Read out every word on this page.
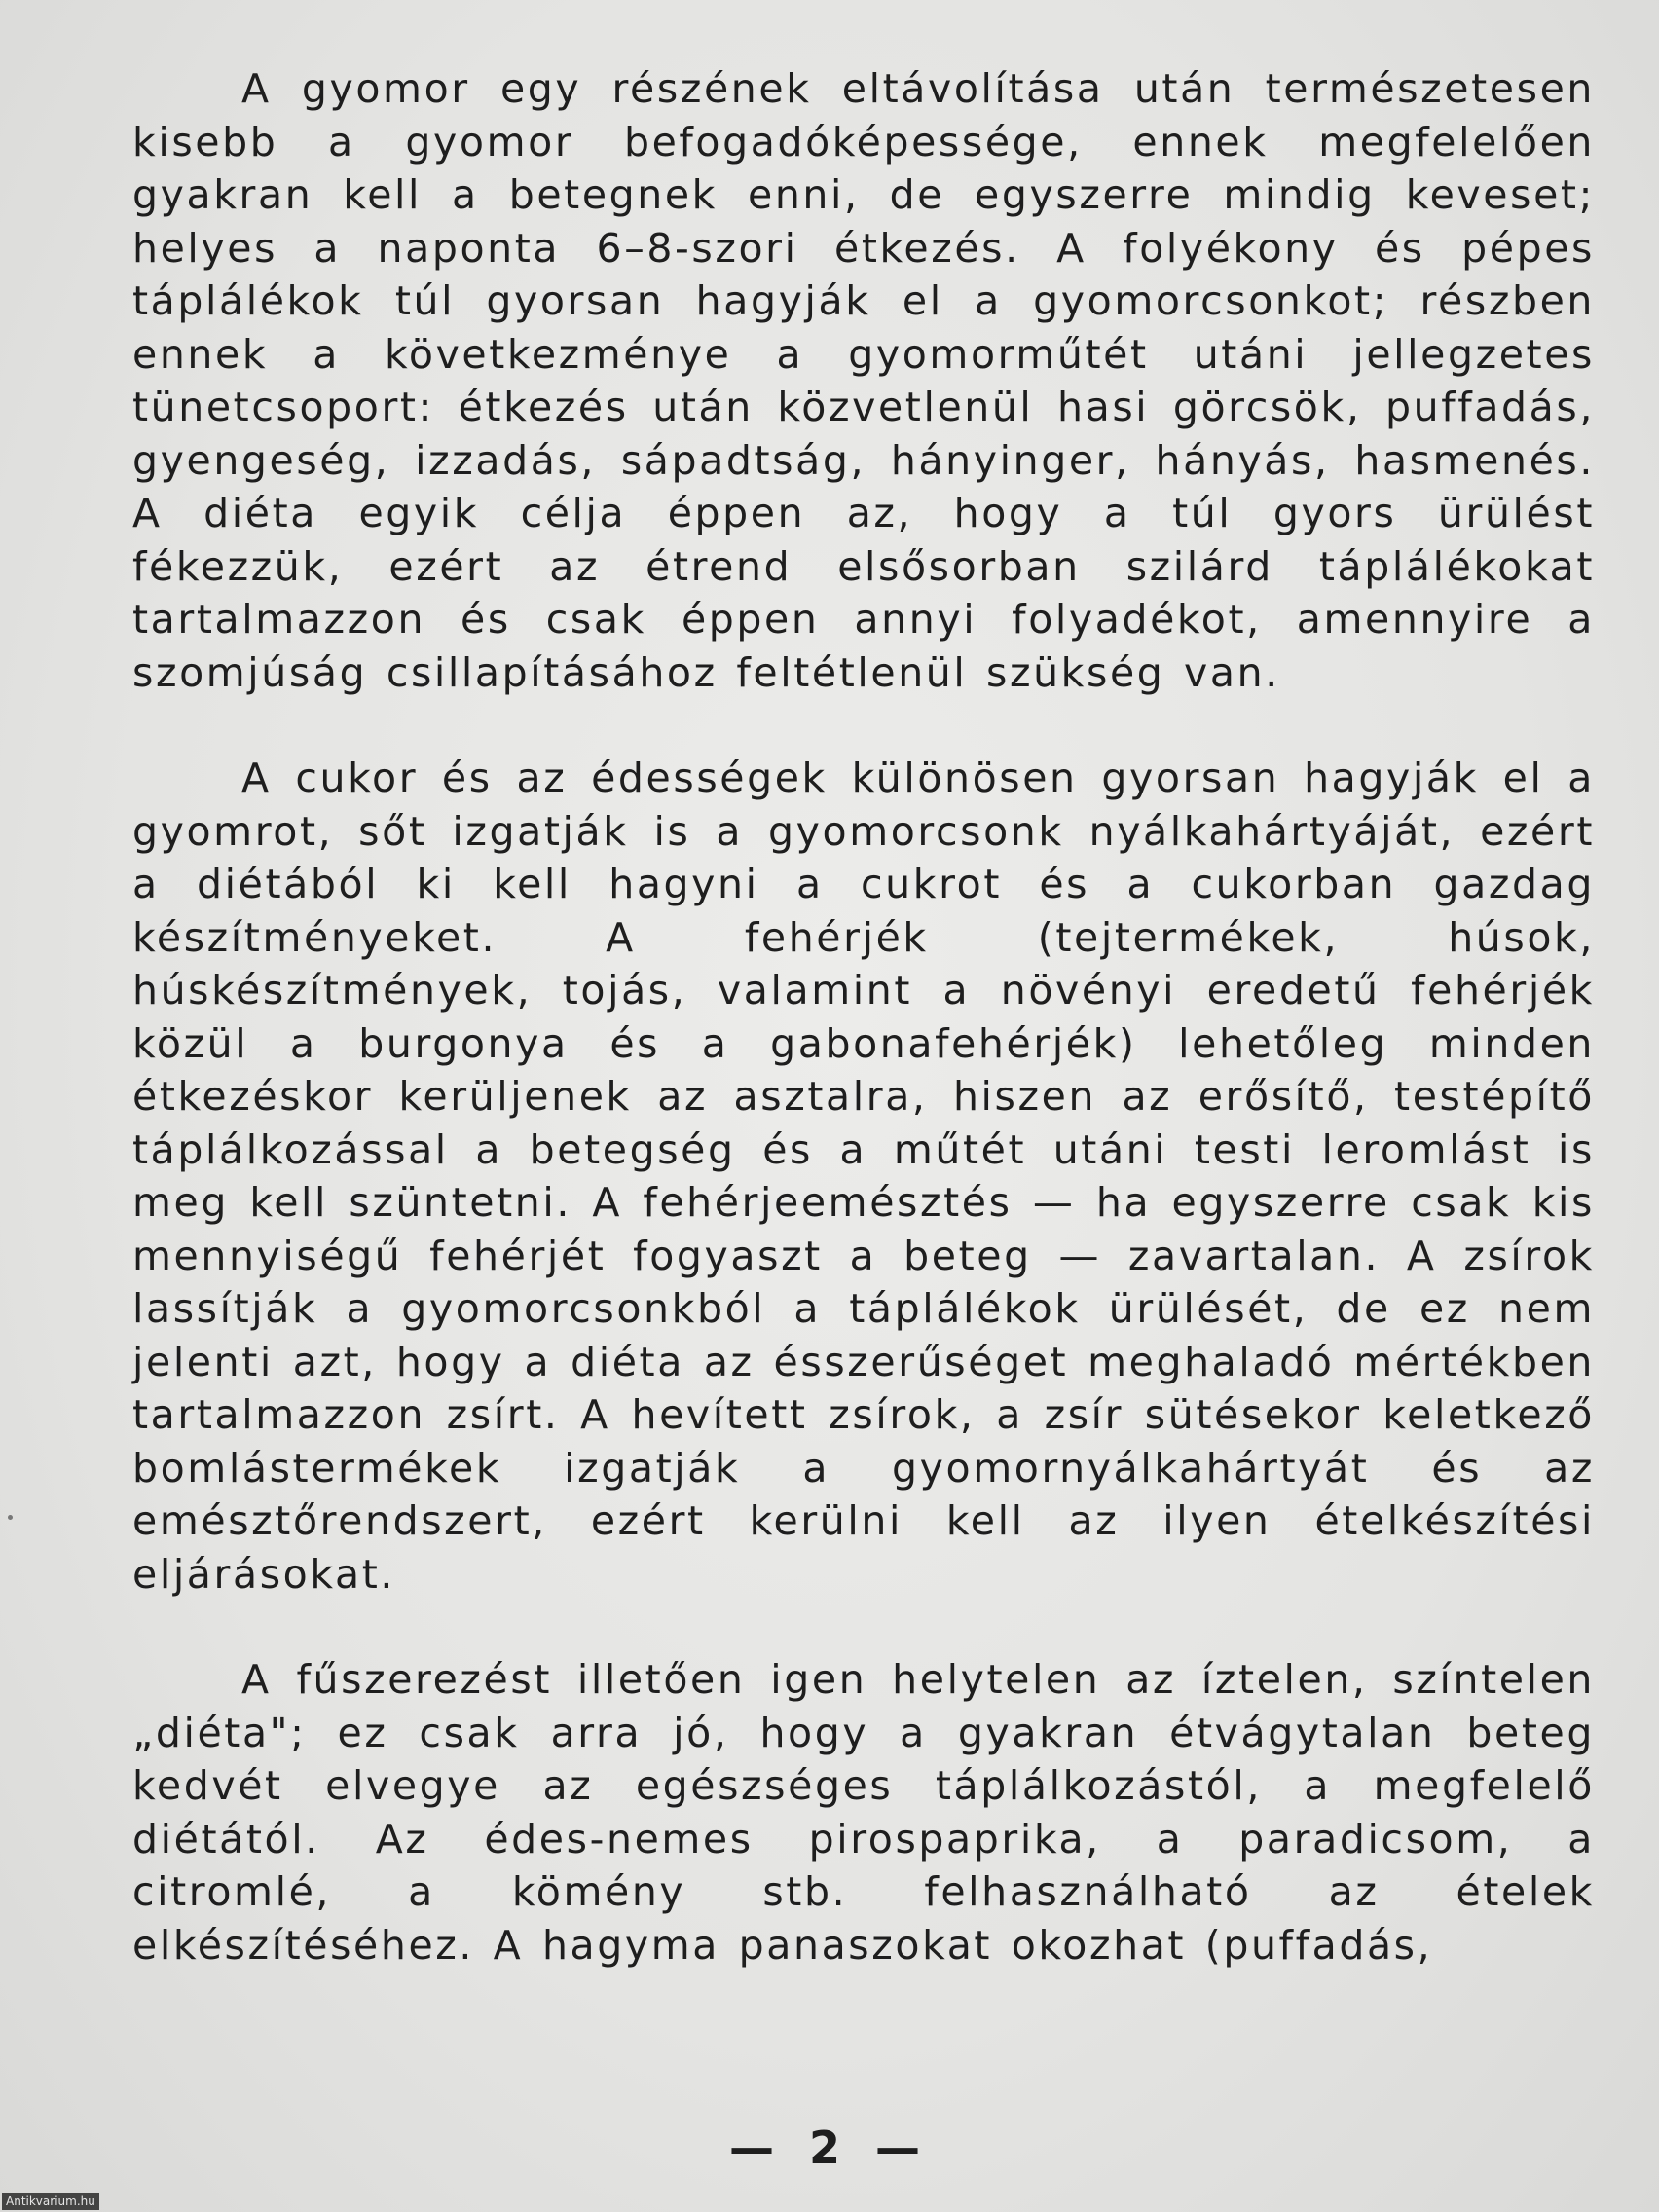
A gyomor egy részének eltávolítása után természetesen kisebb a gyomor befogadóképessége, ennek megfelelően gyakran kell a betegnek enni, de egyszerre mindig keveset; helyes a naponta 6–8-szori étkezés. A folyékony és pépes táplálékok túl gyorsan hagyják el a gyomorcsonkot; részben ennek a következménye a gyomorműtét utáni jellegzetes tünetcsoport: étkezés után közvetlenül hasi görcsök, puffadás, gyengeség, izzadás, sápadtság, hányinger, hányás, hasmenés. A diéta egyik célja éppen az, hogy a túl gyors ürülést fékezzük, ezért az étrend elsősorban szilárd táplálékokat tartalmazzon és csak éppen annyi folyadékot, amennyire a szomjúság csillapításához feltétlenül szükség van.

A cukor és az édességek különösen gyorsan hagyják el a gyomrot, sőt izgatják is a gyomorcsonk nyálkahártyáját, ezért a diétából ki kell hagyni a cukrot és a cukorban gazdag készítményeket. A fehérjék (tejtermékek, húsok, húskészítmények, tojás, valamint a növényi eredetű fehérjék közül a burgonya és a gabonafehérjék) lehetőleg minden étkezéskor kerüljenek az asztalra, hiszen az erősítő, testépítő táplálkozással a betegség és a műtét utáni testi leromlást is meg kell szüntetni. A fehérjeemésztés — ha egyszerre csak kis mennyiségű fehérjét fogyaszt a beteg — zavartalan. A zsírok lassítják a gyomorcsonkból a táplálékok ürülését, de ez nem jelenti azt, hogy a diéta az ésszerűséget meghaladó mértékben tartalmazzon zsírt. A hevített zsírok, a zsír sütésekor keletkező bomlástermékek izgatják a gyomornyálkahártyát és az emésztőrendszert, ezért kerülni kell az ilyen ételkészítési eljárásokat.

A fűszerezést illetően igen helytelen az íztelen, színtelen „diéta"; ez csak arra jó, hogy a gyakran étvágytalan beteg kedvét elvegye az egészséges táplálkozástól, a megfelelő diétától. Az édes-nemes pirospaprika, a paradicsom, a citromlé, a kömény stb. felhasználható az ételek elkészítéséhez. A hagyma panaszokat okozhat (puffadás,

— 2 —
Antikvarium.hu
